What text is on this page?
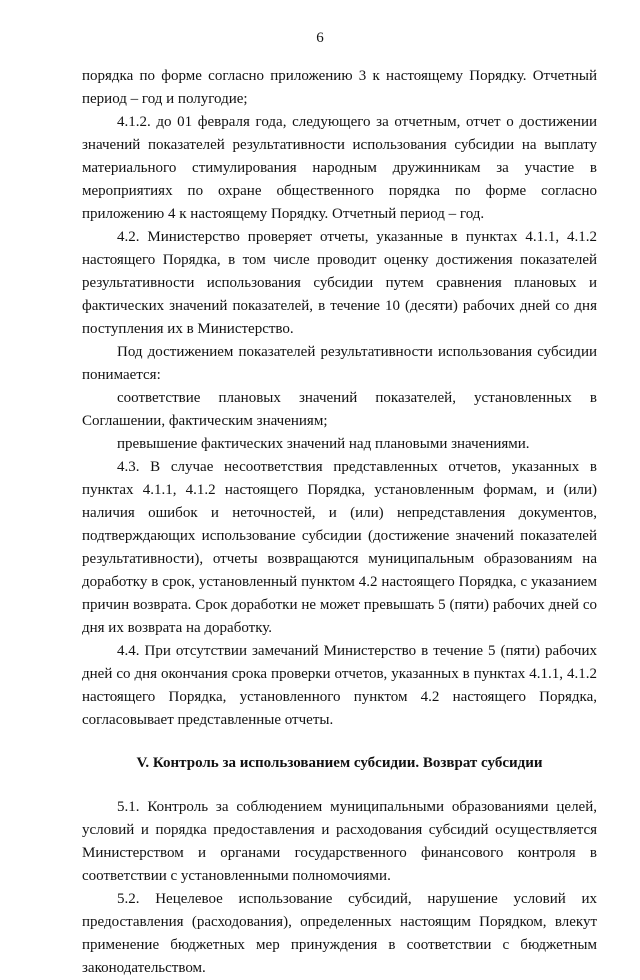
6

порядка по форме согласно приложению 3 к настоящему Порядку. Отчетный период – год и полугодие;

4.1.2. до 01 февраля года, следующего за отчетным, отчет о достижении значений показателей результативности использования субсидии на выплату материального стимулирования народным дружинникам за участие в мероприятиях по охране общественного порядка по форме согласно приложению 4 к настоящему Порядку. Отчетный период – год.

4.2. Министерство проверяет отчеты, указанные в пунктах 4.1.1, 4.1.2 настоящего Порядка, в том числе проводит оценку достижения показателей результативности использования субсидии путем сравнения плановых и фактических значений показателей, в течение 10 (десяти) рабочих дней со дня поступления их в Министерство.

Под достижением показателей результативности использования субсидии понимается:

соответствие плановых значений показателей, установленных в Соглашении, фактическим значениям;

превышение фактических значений над плановыми значениями.

4.3. В случае несоответствия представленных отчетов, указанных в пунктах 4.1.1, 4.1.2 настоящего Порядка, установленным формам, и (или) наличия ошибок и неточностей, и (или) непредставления документов, подтверждающих использование субсидии (достижение значений показателей результативности), отчеты возвращаются муниципальным образованиям на доработку в срок, установленный пунктом 4.2 настоящего Порядка, с указанием причин возврата. Срок доработки не может превышать 5 (пяти) рабочих дней со дня их возврата на доработку.

4.4. При отсутствии замечаний Министерство в течение 5 (пяти) рабочих дней со дня окончания срока проверки отчетов, указанных в пунктах 4.1.1, 4.1.2 настоящего Порядка, установленного пунктом 4.2 настоящего Порядка, согласовывает представленные отчеты.

V. Контроль за использованием субсидии. Возврат субсидии

5.1. Контроль за соблюдением муниципальными образованиями целей, условий и порядка предоставления и расходования субсидий осуществляется Министерством и органами государственного финансового контроля в соответствии с установленными полномочиями.

5.2. Нецелевое использование субсидий, нарушение условий их предоставления (расходования), определенных настоящим Порядком, влекут применение бюджетных мер принуждения в соответствии с бюджетным законодательством.
